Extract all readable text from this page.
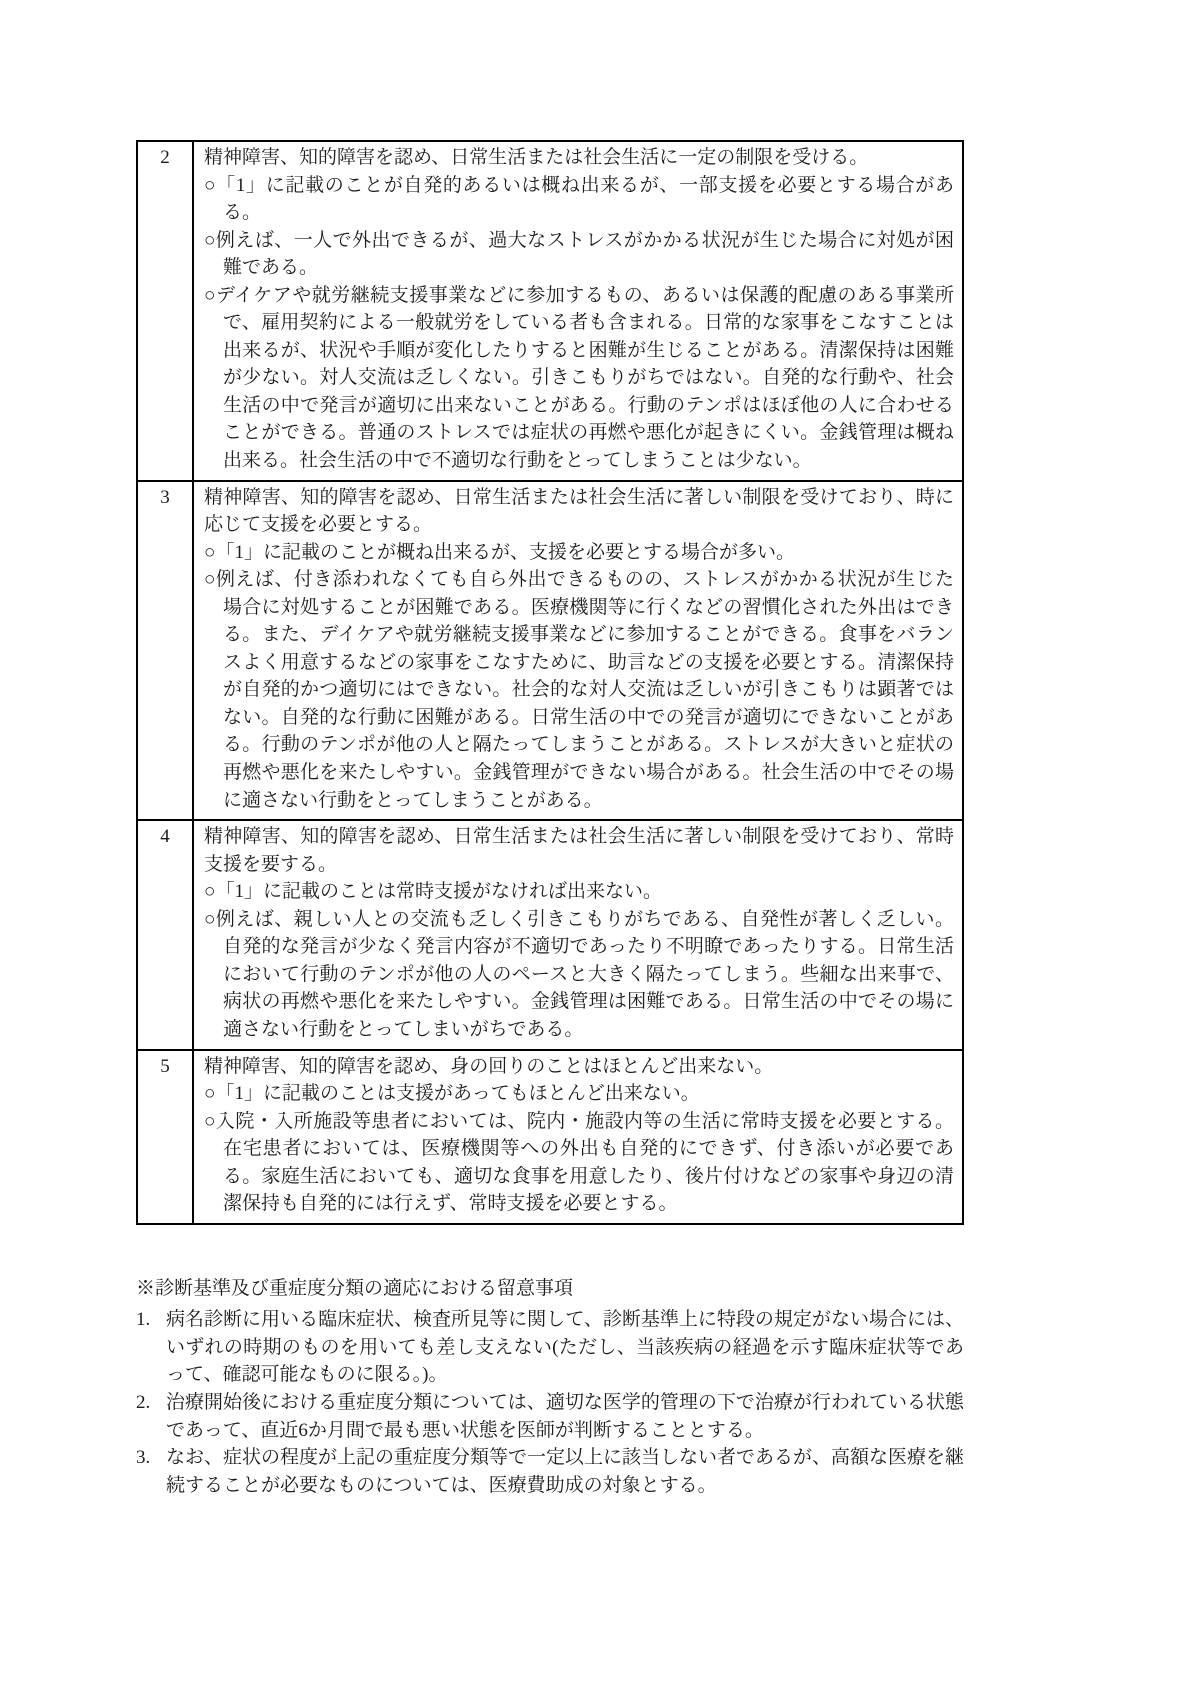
2	精神障害、知的障害を認め、日常生活または社会生活に一定の制限を受ける。
○「1」に記載のことが自発的あるいは概ね出来るが、一部支援を必要とする場合がある。
○例えば、一人で外出できるが、過大なストレスがかかる状況が生じた場合に対処が困難である。
○デイケアや就労継続支援事業などに参加するもの、あるいは保護的配慮のある事業所で、雇用契約による一般就労をしている者も含まれる。日常的な家事をこなすことは出来るが、状況や手順が変化したりすると困難が生じることがある。清潔保持は困難が少ない。対人交流は乏しくない。引きこもりがちではない。自発的な行動や、社会生活の中で発言が適切に出来ないことがある。行動のテンポはほぼ他の人に合わせることができる。普通のストレスでは症状の再燃や悪化が起きにくい。金銭管理は概ね出来る。社会生活の中で不適切な行動をとってしまうことは少ない。

3	精神障害、知的障害を認め、日常生活または社会生活に著しい制限を受けており、時に応じて支援を必要とする。
○「1」に記載のことが概ね出来るが、支援を必要とする場合が多い。
○例えば、付き添われなくても自ら外出できるものの、ストレスがかかる状況が生じた場合に対処することが困難である。医療機関等に行くなどの習慣化された外出はできる。また、デイケアや就労継続支援事業などに参加することができる。食事をバランスよく用意するなどの家事をこなすために、助言などの支援を必要とする。清潔保持が自発的かつ適切にはできない。社会的な対人交流は乏しいが引きこもりは顕著ではない。自発的な行動に困難がある。日常生活の中での発言が適切にできないことがある。行動のテンポが他の人と隔たってしまうことがある。ストレスが大きいと症状の再燃や悪化を来たしやすい。金銭管理ができない場合がある。社会生活の中でその場に適さない行動をとってしまうことがある。

4	精神障害、知的障害を認め、日常生活または社会生活に著しい制限を受けており、常時支援を要する。
○「1」に記載のことは常時支援がなければ出来ない。
○例えば、親しい人との交流も乏しく引きこもりがちである、自発性が著しく乏しい。自発的な発言が少なく発言内容が不適切であったり不明瞭であったりする。日常生活において行動のテンポが他の人のペースと大きく隔たってしまう。些細な出来事で、病状の再燃や悪化を来たしやすい。金銭管理は困難である。日常生活の中でその場に適さない行動をとってしまいがちである。

5	精神障害、知的障害を認め、身の回りのことはほとんど出来ない。
○「1」に記載のことは支援があってもほとんど出来ない。
○入院・入所施設等患者においては、院内・施設内等の生活に常時支援を必要とする。在宅患者においては、医療機関等への外出も自発的にできず、付き添いが必要である。家庭生活においても、適切な食事を用意したり、後片付けなどの家事や身辺の清潔保持も自発的には行えず、常時支援を必要とする。
※診断基準及び重症度分類の適応における留意事項
1. 病名診断に用いる臨床症状、検査所見等に関して、診断基準上に特段の規定がない場合には、いずれの時期のものを用いても差し支えない(ただし、当該疾病の経過を示す臨床症状等であって、確認可能なものに限る。)。
2. 治療開始後における重症度分類については、適切な医学的管理の下で治療が行われている状態であって、直近6か月間で最も悪い状態を医師が判断することとする。
3. なお、症状の程度が上記の重症度分類等で一定以上に該当しない者であるが、高額な医療を継続することが必要なものについては、医療費助成の対象とする。
